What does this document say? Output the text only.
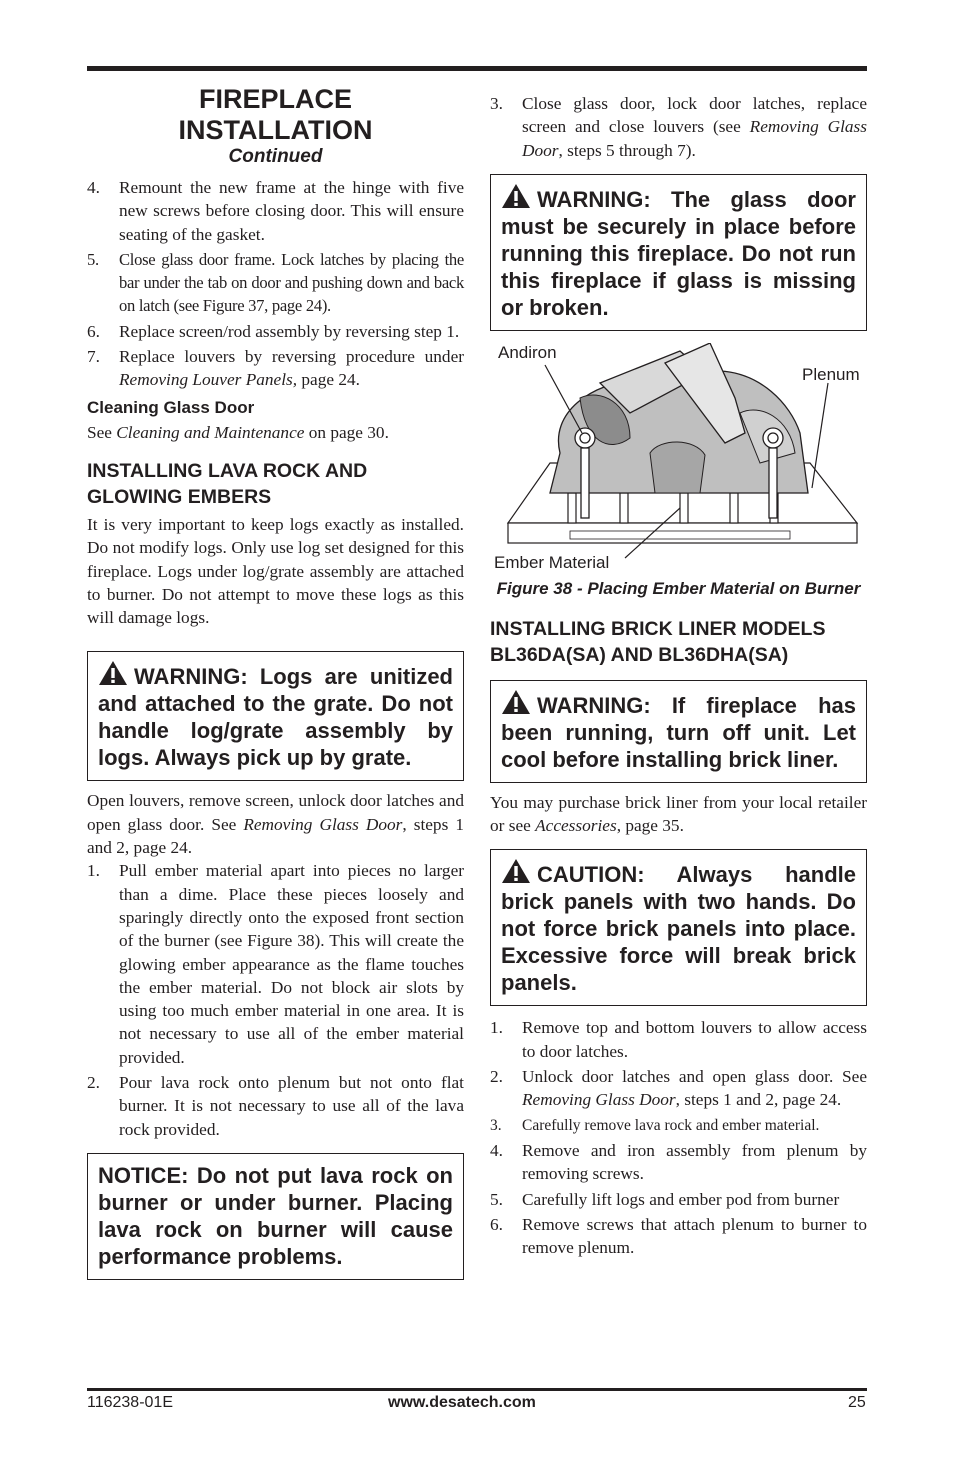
FIREPLACE
INSTALLATION
Continued
4. Remount the new frame at the hinge with five new screws before closing door. This will ensure seating of the gasket.
5. Close glass door frame. Lock latches by placing the bar under the tab on door and pushing down and back on latch (see Figure 37, page 24).
6. Replace screen/rod assembly by reversing step 1.
7. Replace louvers by reversing procedure under Removing Louver Panels, page 24.
Cleaning Glass Door

See Cleaning and Maintenance on page 30.

INSTALLING LAVA ROCK AND GLOWING EMBERS

It is very important to keep logs exactly as installed. Do not modify logs. Only use log set designed for this fireplace. Logs under log/grate assembly are attached to burner. Do not attempt to move these logs as this will damage logs.

WARNING: Logs are unitized and attached to the grate. Do not handle log/grate assembly by logs. Always pick up by grate.

Open louvers, remove screen, unlock door latches and open glass door. See Removing Glass Door, steps 1 and 2, page 24.

1. Pull ember material apart into pieces no larger than a dime. Place these pieces loosely and sparingly directly onto the exposed front section of the burner (see Figure 38). This will create the glowing ember appearance as the flame touches the ember material. Do not block air slots by using too much ember material in one area. It is not necessary to use all of the ember material provided.
2. Pour lava rock onto plenum but not onto flat burner. It is not necessary to use all of the lava rock provided.
NOTICE: Do not put lava rock on burner or under burner. Placing lava rock on burner will cause performance problems.
3. Close glass door, lock door latches, replace screen and close louvers (see Removing Glass Door, steps 5 through 7).
WARNING: The glass door must be securely in place before running this fireplace. Do not run this fireplace if glass is missing or broken.
Andiron
Plenum
Ember Material
Figure 38 - Placing Ember Material on Burner
INSTALLING BRICK LINER MODELS BL36DA(SA) AND BL36DHA(SA)
WARNING: If fireplace has been running, turn off unit. Let cool before installing brick liner.

You may purchase brick liner from your local retailer or see Accessories, page 35.

CAUTION: Always handle brick panels with two hands. Do not force brick panels into place. Excessive force will break brick panels.
1. Remove top and bottom louvers to allow access to door latches.
2. Unlock door latches and open glass door. See Removing Glass Door, steps 1 and 2, page 24.
3. Carefully remove lava rock and ember material.
4. Remove and iron assembly from plenum by removing screws.
5. Carefully lift logs and ember pod from burner
6. Remove screws that attach plenum to burner to remove plenum.
116238-01E	www.desatech.com	25
